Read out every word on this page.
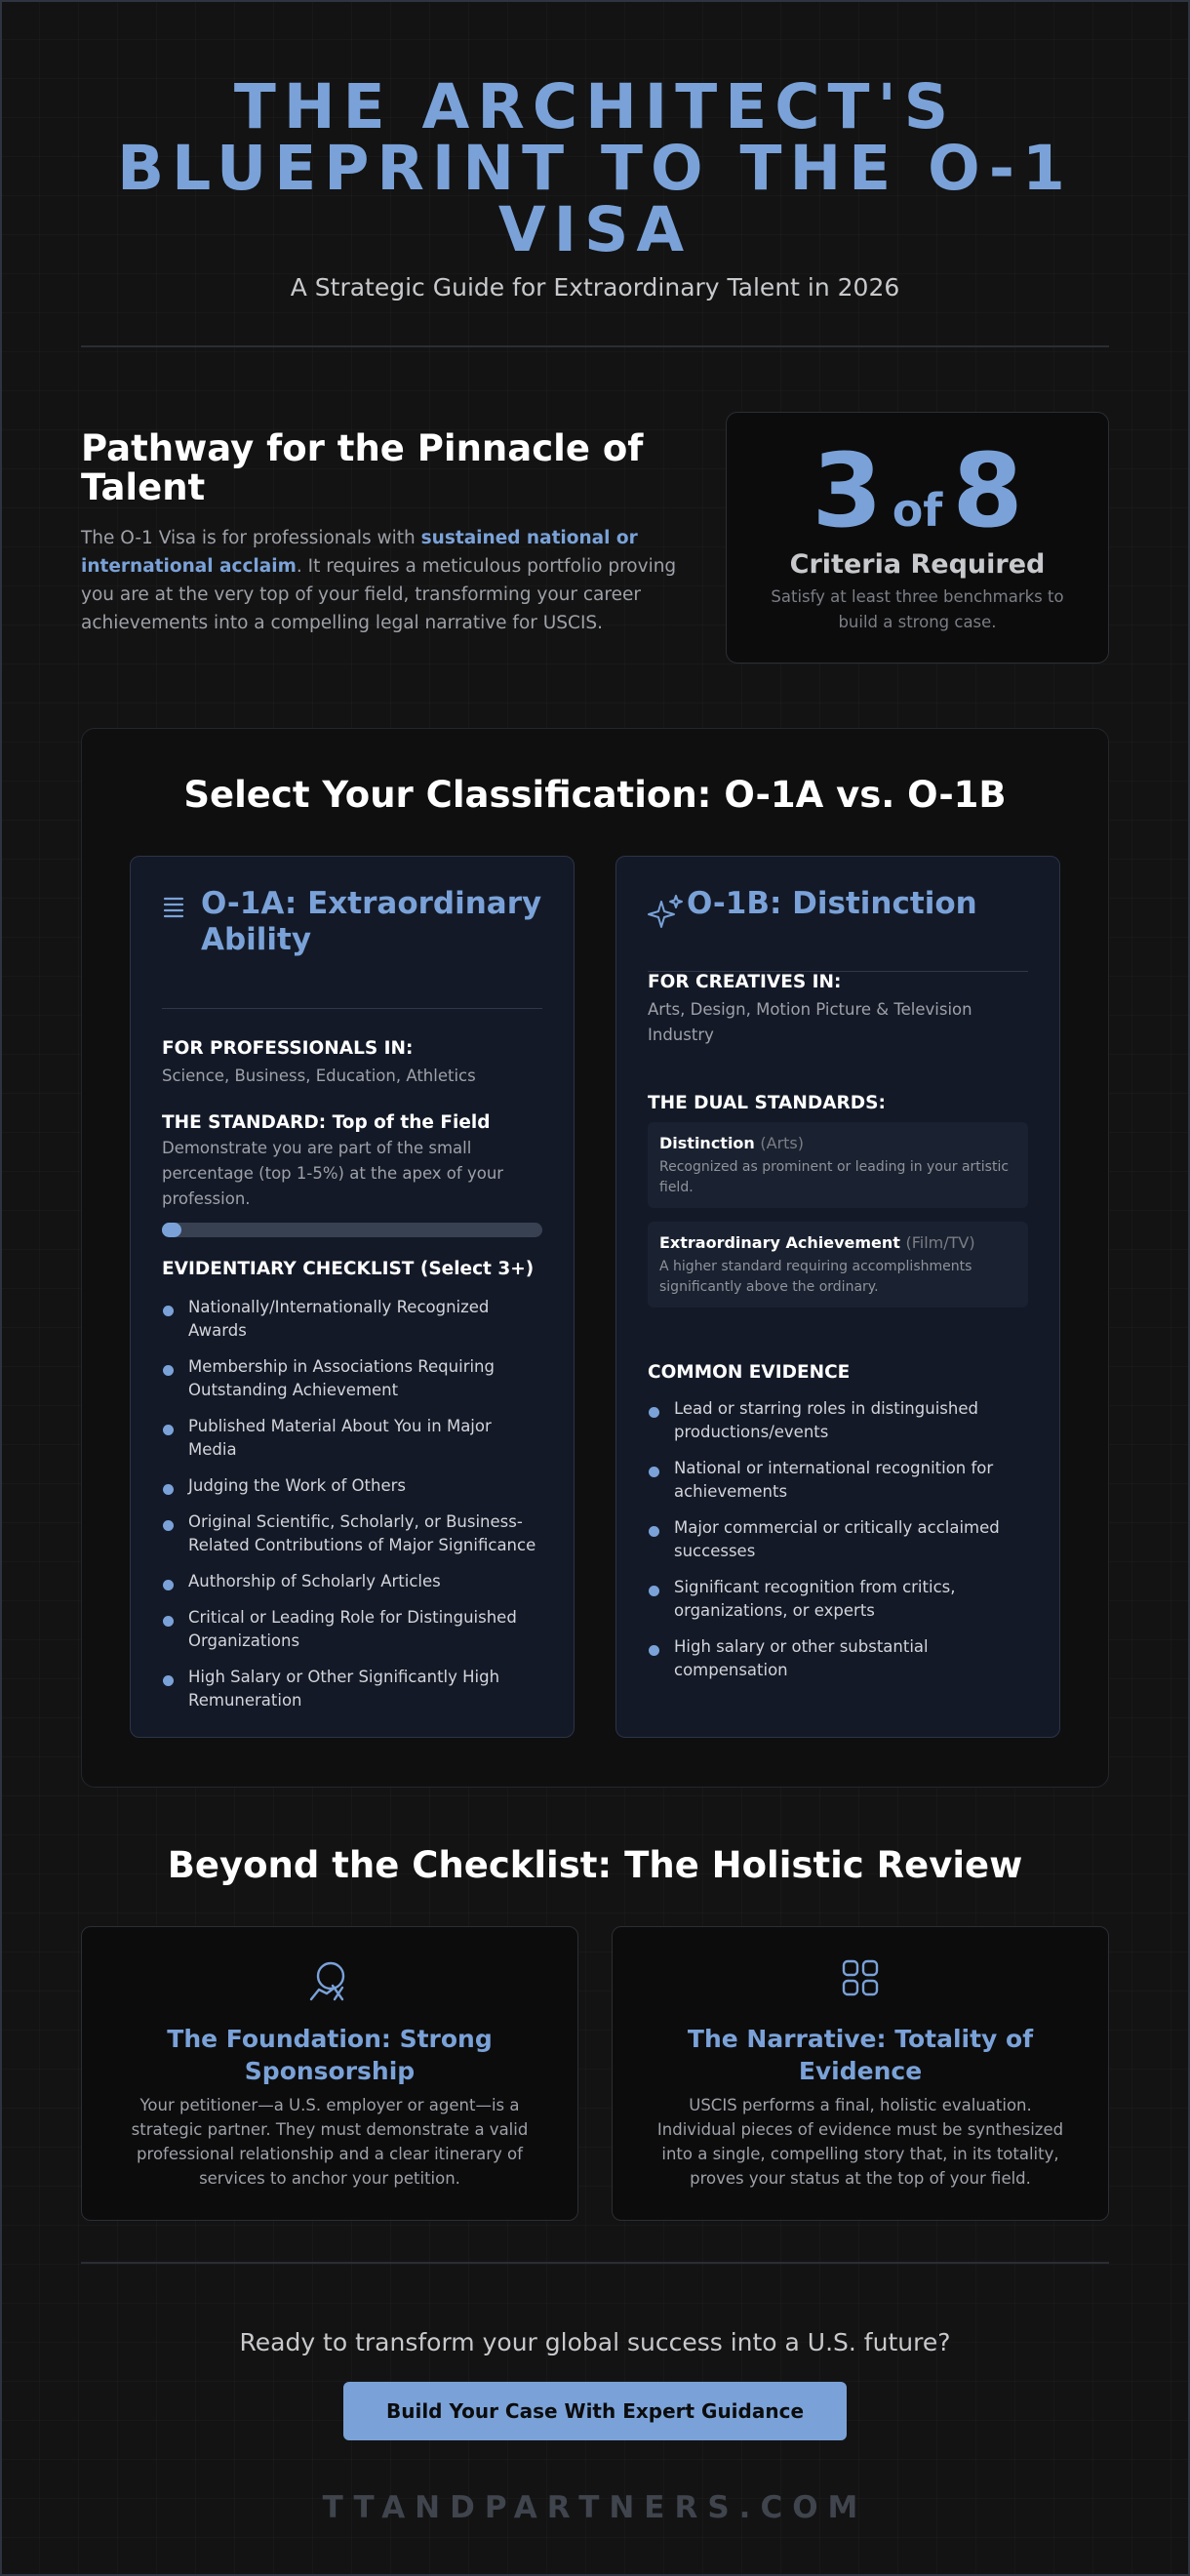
THE ARCHITECT'S BLUEPRINT TO THE O-1 VISA
A Strategic Guide for Extraordinary Talent in 2026
Pathway for the Pinnacle of Talent

The O-1 Visa is for professionals with sustained national or international acclaim. It requires a meticulous portfolio proving you are at the very top of your field, transforming your career achievements into a compelling legal narrative for USCIS.

3 of8
Criteria Required
Satisfy at least three benchmarks to build a strong case.
Select Your Classification: O-1A vs. O-1B
O-1A: Extraordinary Ability
FOR PROFESSIONALS IN:
Science, Business, Education, Athletics
THE STANDARD: Top of the Field
Demonstrate you are part of the small percentage (top 1-5%) at the apex of your profession.
EVIDENTIARY CHECKLIST (Select 3+)
Nationally/Internationally Recognized Awards
Membership in Associations Requiring Outstanding Achievement
Published Material About You in Major Media
Judging the Work of Others
Original Scientific, Scholarly, or Business-Related Contributions of Major Significance
Authorship of Scholarly Articles
Critical or Leading Role for Distinguished Organizations
High Salary or Other Significantly High Remuneration
O-1B: Distinction
FOR CREATIVES IN:
Arts, Design, Motion Picture & Television Industry
THE DUAL STANDARDS:
Distinction (Arts)
Recognized as prominent or leading in your artistic field.
Extraordinary Achievement (Film/TV)
A higher standard requiring accomplishments significantly above the ordinary.
COMMON EVIDENCE
Lead or starring roles in distinguished productions/events
National or international recognition for achievements
Major commercial or critically acclaimed successes
Significant recognition from critics, organizations, or experts
High salary or other substantial compensation
Beyond the Checklist: The Holistic Review
The Foundation: Strong Sponsorship
Your petitioner—a U.S. employer or agent—is a strategic partner. They must demonstrate a valid professional relationship and a clear itinerary of services to anchor your petition.
The Narrative: Totality of Evidence
USCIS performs a final, holistic evaluation. Individual pieces of evidence must be synthesized into a single, compelling story that, in its totality, proves your status at the top of your field.
Ready to transform your global success into a U.S. future?
Build Your Case With Expert Guidance
TTANDPARTNERS.COM
